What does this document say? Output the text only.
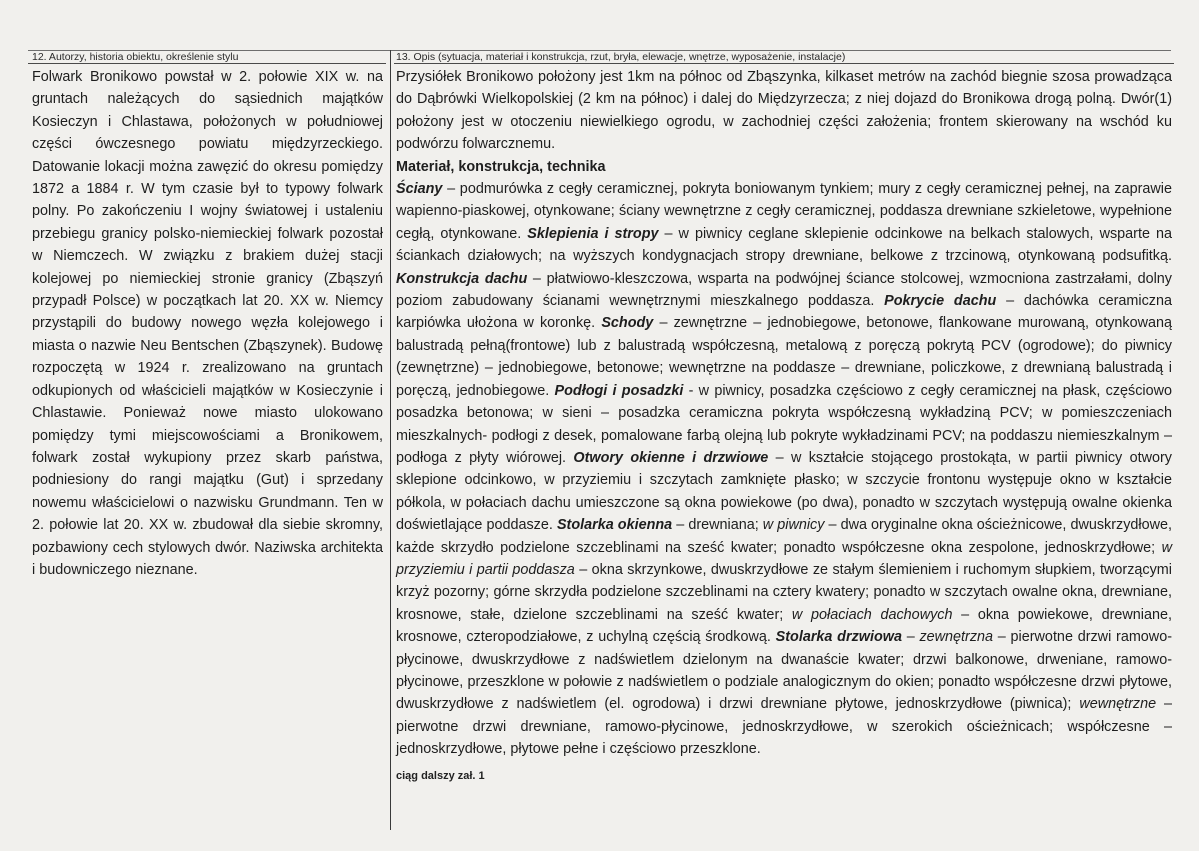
12. Autorzy, historia obiektu, określenie stylu	13. Opis (sytuacja, materiał i konstrukcja, rzut, bryła, elewacje, wnętrze, wyposażenie, instalacje)

Folwark Bronikowo powstał w 2. połowie XIX w. na gruntach należących do sąsiednich majątków Kosieczyn i Chlastawa, położonych w południowej części ówczesnego powiatu międzyrzeckiego. Datowanie lokacji można zawęzić do okresu pomiędzy 1872 a 1884 r. W tym czasie był to typowy folwark polny. Po zakończeniu I wojny światowej i ustaleniu przebiegu granicy polsko-niemieckiej folwark pozostał w Niemczech. W związku z brakiem dużej stacji kolejowej po niemieckiej stronie granicy (Zbąszyń przypadł Polsce) w początkach lat 20. XX w. Niemcy przystąpili do budowy nowego węzła kolejowego i miasta o nazwie Neu Bentschen (Zbąszynek). Budowę rozpoczętą w 1924 r. zrealizowano na gruntach odkupionych od właścicieli majątków w Kosieczynie i Chlastawie. Ponieważ nowe miasto ulokowano pomiędzy tymi miejscowościami a Bronikowem, folwark został wykupiony przez skarb państwa, podniesiony do rangi majątku (Gut) i sprzedany nowemu właścicielowi o nazwisku Grundmann. Ten w 2. połowie lat 20. XX w. zbudował dla siebie skromny, pozbawiony cech stylowych dwór. Naziwska architekta i budowniczego nieznane.

Przysiółek Bronikowo położony jest 1km na północ od Zbąszynka, kilkaset metrów na zachód biegnie szosa prowadząca do Dąbrówki Wielkopolskiej (2 km na północ) i dalej do Międzyrzecza; z niej dojazd do Bronikowa drogą polną. Dwór(1) położony jest w otoczeniu niewielkiego ogrodu, w zachodniej części założenia; frontem skierowany na wschód ku podwórzu folwarcznemu.

Materiał, konstrukcja, technika

Ściany – podmurówka z cegły ceramicznej, pokryta boniowanym tynkiem; mury z cegły ceramicznej pełnej, na zaprawie wapienno-piaskowej, otynkowane; ściany wewnętrzne z cegły ceramicznej, poddasza drewniane szkieletowe, wypełnione cegłą, otynkowane. Sklepienia i stropy – w piwnicy ceglane sklepienie odcinkowe na belkach stalowych, wsparte na ściankach działowych; na wyższych kondygnacjach stropy drewniane, belkowe z trzcinową, otynkowaną podsufitką. Konstrukcja dachu – płatwiowo-kleszczowa, wsparta na podwójnej ściance stolcowej, wzmocniona zastrzałami, dolny poziom zabudowany ścianami wewnętrznymi mieszkalnego poddasza. Pokrycie dachu – dachówka ceramiczna karpiówka ułożona w koronkę. Schody – zewnętrzne – jednobiegowe, betonowe, flankowane murowaną, otynkowaną balustradą pełną(frontowe) lub z balustradą współczesną, metalową z poręczą pokrytą PCV (ogrodowe); do piwnicy (zewnętrzne) – jednobiegowe, betonowe; wewnętrzne na poddasze – drewniane, policzkowe, z drewnianą balustradą i poręczą, jednobiegowe. Podłogi i posadzki - w piwnicy, posadzka częściowo z cegły ceramicznej na płask, częściowo posadzka betonowa; w sieni – posadzka ceramiczna pokryta współczesną wykładziną PCV; w pomieszczeniach mieszkalnych- podłogi z desek, pomalowane farbą olejną lub pokryte wykładzinami PCV; na poddaszu niemieszkalnym – podłoga z płyty wiórowej. Otwory okienne i drzwiowe – w kształcie stojącego prostokąta, w partii piwnicy otwory sklepione odcinkowo, w przyziemiu i szczytach zamknięte płasko; w szczycie frontonu występuje okno w kształcie półkola, w połaciach dachu umieszczone są okna powiekowe (po dwa), ponadto w szczytach występują owalne okienka doświetlające poddasze. Stolarka okienna – drewniana; w piwnicy – dwa oryginalne okna ościeżnicowe, dwuskrzydłowe, każde skrzydło podzielone szczeblinami na sześć kwater; ponadto współczesne okna zespolone, jednoskrzydłowe; w przyziemiu i partii poddasza – okna skrzynkowe, dwuskrzydłowe ze stałym ślemieniem i ruchomym słupkiem, tworzącymi krzyż pozorny; górne skrzydła podzielone szczeblinami na cztery kwatery; ponadto w szczytach owalne okna, drewniane, krosnowe, stałe, dzielone szczeblinami na sześć kwater; w połaciach dachowych – okna powiekowe, drewniane, krosnowe, czteropodziałowe, z uchylną częścią środkową. Stolarka drzwiowa – zewnętrzna – pierwotne drzwi ramowo-płycinowe, dwuskrzydłowe z nadświetlem dzielonym na dwanaście kwater; drzwi balkonowe, drweniane, ramowo-płycinowe, przeszklone w połowie z nadświetlem o podziale analogicznym do okien; ponadto współczesne drzwi płytowe, dwuskrzydłowe z nadświetlem (el. ogrodowa) i drzwi drewniane płytowe, jednoskrzydłowe (piwnica); wewnętrzne – pierwotne drzwi drewniane, ramowo-płycinowe, jednoskrzydłowe, w szerokich ościeżnicach; współczesne – jednoskrzydłowe, płytowe pełne i częściowo przeszklone.

ciąg dalszy zał. 1
